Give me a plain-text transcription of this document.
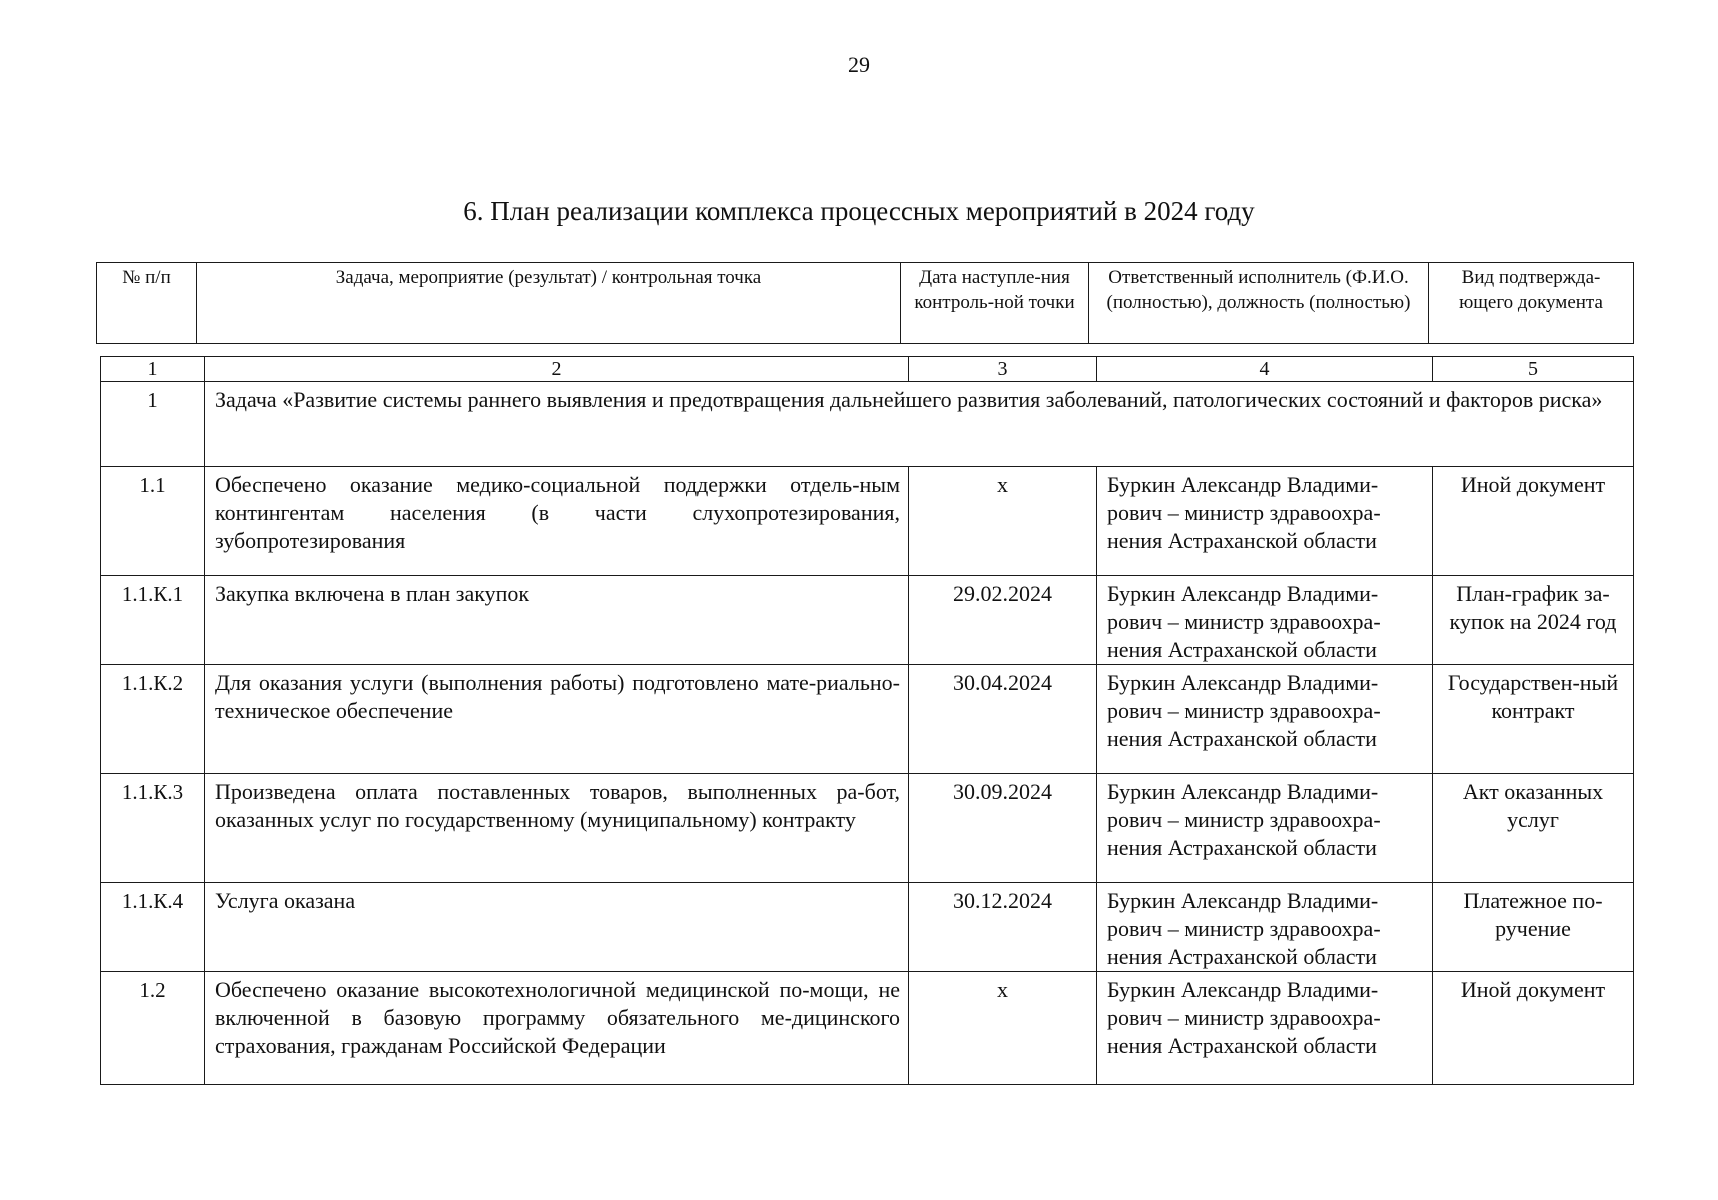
29
6. План реализации комплекса процессных мероприятий в 2024 году
№ п/п	Задача, мероприятие (результат) / контрольная точка	Дата наступле-ния контроль-ной точки	Ответственный исполнитель (Ф.И.О. (полностью), должность (полностью)	Вид подтвержда-ющего документа
1	2	3	4	5
1	Задача «Развитие системы раннего выявления и предотвращения дальнейшего развития заболеваний, патологических состояний и факторов риска»			
1.1	Обеспечено оказание медико-социальной поддержки отдель-ным контингентам населения (в части слухопротезирования, зубопротезирования	х	Буркин Александр Владими-рович – министр здравоохра-нения Астраханской области	Иной документ
1.1.К.1	Закупка включена в план закупок	29.02.2024	Буркин Александр Владими-рович – министр здравоохра-нения Астраханской области	План-график за-купок на 2024 год
1.1.К.2	Для оказания услуги (выполнения работы) подготовлено мате-риально-техническое обеспечение	30.04.2024	Буркин Александр Владими-рович – министр здравоохра-нения Астраханской области	Государствен-ный контракт
1.1.К.3	Произведена оплата поставленных товаров, выполненных ра-бот, оказанных услуг по государственному (муниципальному) контракту	30.09.2024	Буркин Александр Владими-рович – министр здравоохра-нения Астраханской области	Акт оказанных услуг
1.1.К.4	Услуга оказана	30.12.2024	Буркин Александр Владими-рович – министр здравоохра-нения Астраханской области	Платежное по-ручение
1.2	Обеспечено оказание высокотехнологичной медицинской по-мощи, не включенной в базовую программу обязательного ме-дицинского страхования, гражданам Российской Федерации	х	Буркин Александр Владими-рович – министр здравоохра-нения Астраханской области	Иной документ
